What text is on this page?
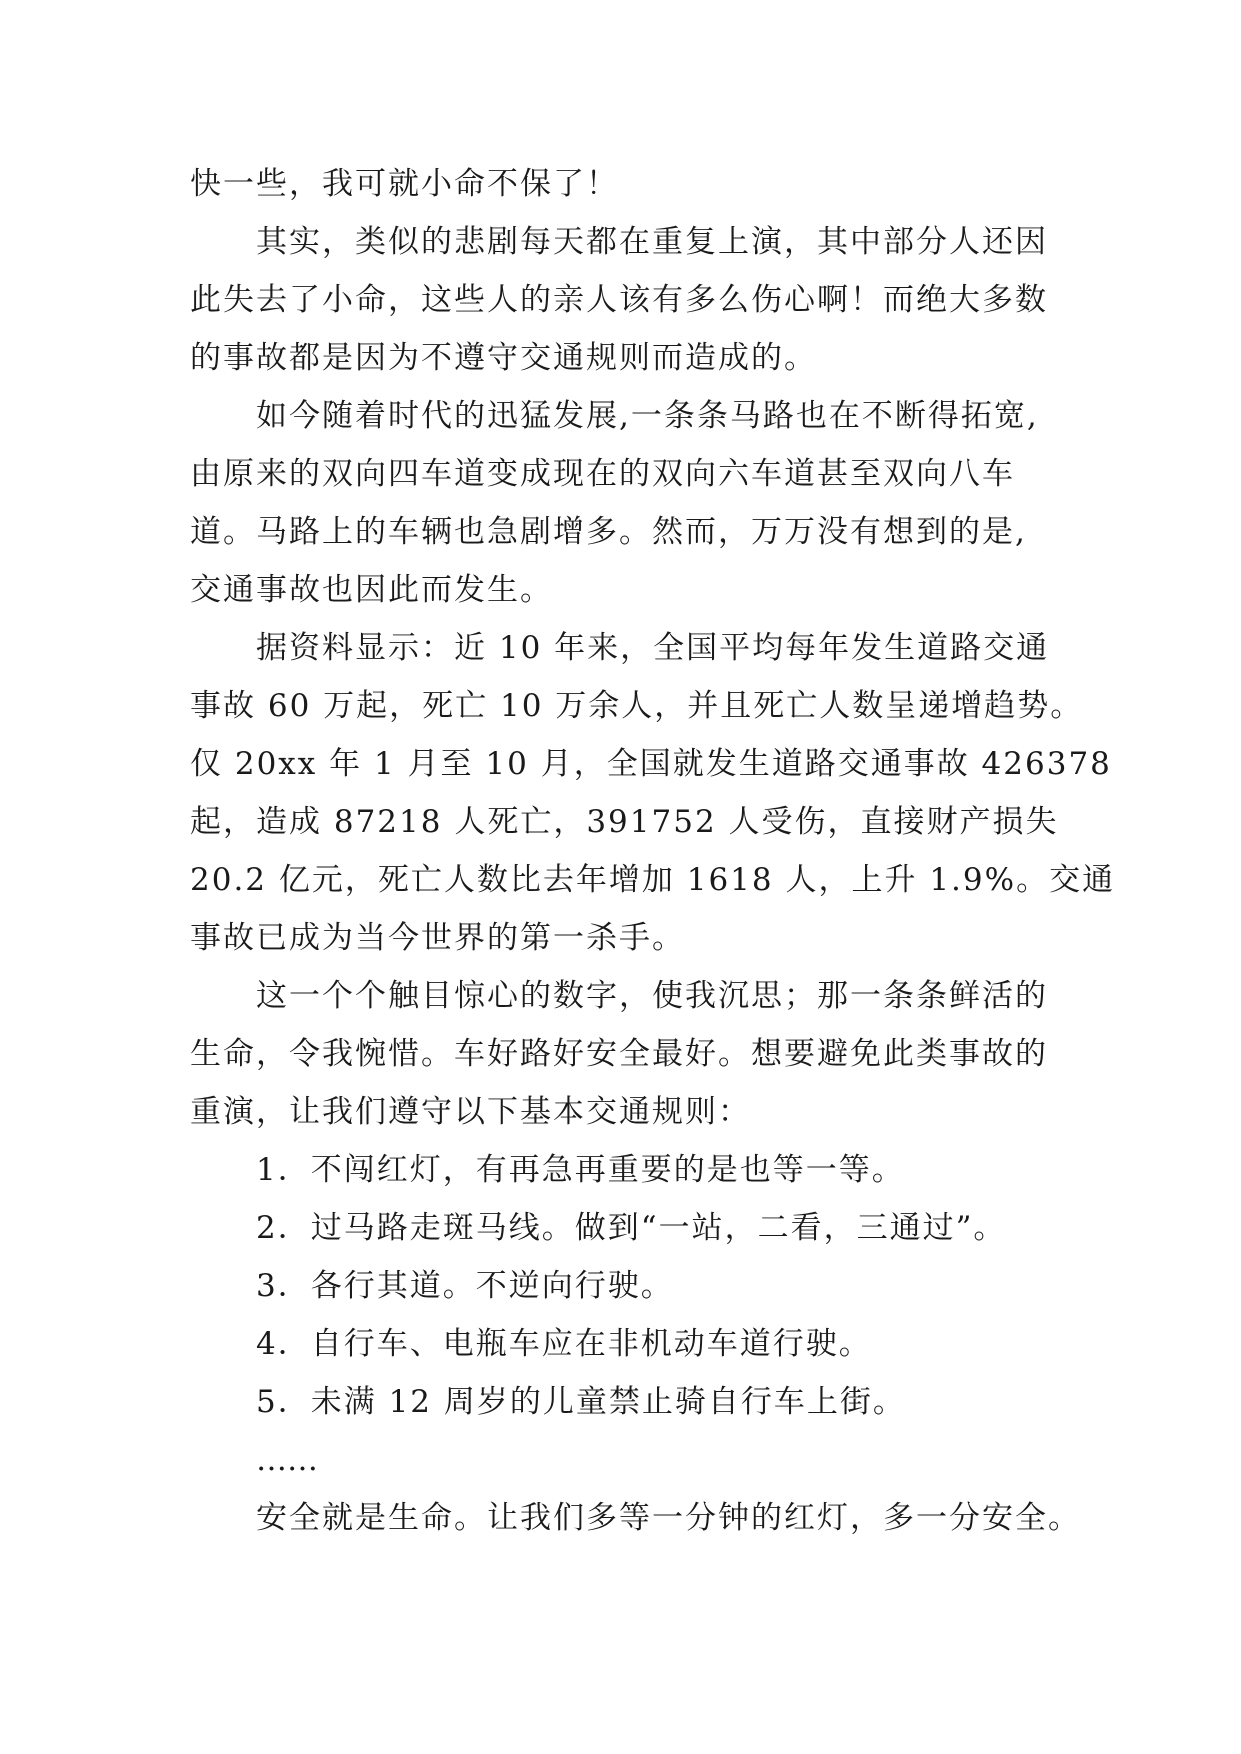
快一些，我可就小命不保了！
其实，类似的悲剧每天都在重复上演，其中部分人还因
此失去了小命，这些人的亲人该有多么伤心啊！而绝大多数
的事故都是因为不遵守交通规则而造成的。
如今随着时代的迅猛发展,一条条马路也在不断得拓宽,
由原来的双向四车道变成现在的双向六车道甚至双向八车
道。马路上的车辆也急剧增多。然而，万万没有想到的是,
交通事故也因此而发生。
据资料显示：近 10 年来，全国平均每年发生道路交通
事故 60 万起，死亡 10 万余人，并且死亡人数呈递增趋势。
仅 20xx 年 1 月至 10 月，全国就发生道路交通事故 426378
起，造成 87218 人死亡，391752 人受伤，直接财产损失
20.2 亿元，死亡人数比去年增加 1618 人，上升 1.9%。交通
事故已成为当今世界的第一杀手。
这一个个触目惊心的数字，使我沉思；那一条条鲜活的
生命，令我惋惜。车好路好安全最好。想要避免此类事故的
重演，让我们遵守以下基本交通规则：
1．不闯红灯，有再急再重要的是也等一等。
2．过马路走斑马线。做到“一站，二看，三通过”。
3．各行其道。不逆向行驶。
4．自行车、电瓶车应在非机动车道行驶。
5．未满 12 周岁的儿童禁止骑自行车上街。
……
安全就是生命。让我们多等一分钟的红灯，多一分安全。
